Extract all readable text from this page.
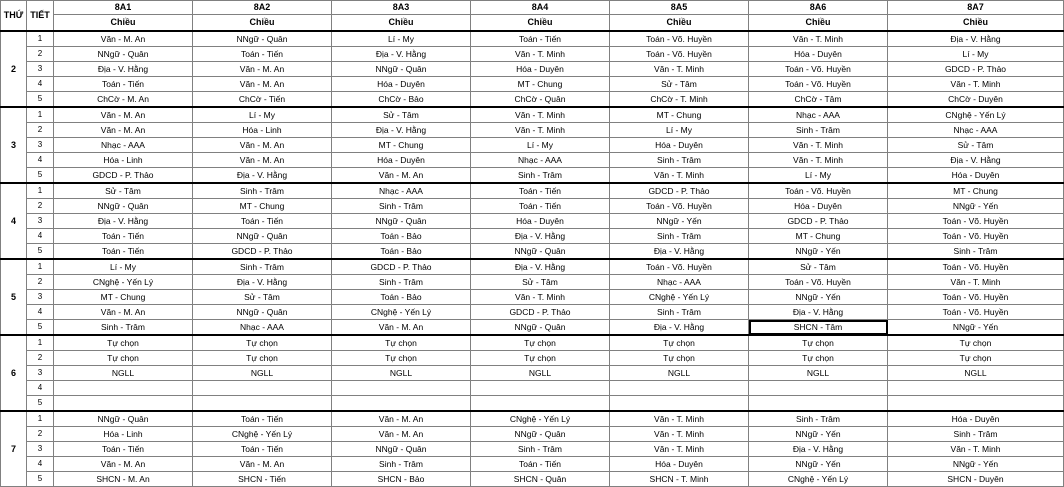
THỨ	TIẾT	8A1	8A2	8A3	8A4	8A5	8A6	8A7
		Chiều	Chiều	Chiều	Chiều	Chiều	Chiều	Chiều
2	1	Văn - M. An	NNgữ - Quân	Lí - My	Toán - Tiến	Toán - Võ. Huyền	Văn - T. Minh	Địa - V. Hằng
	2	NNgữ - Quân	Toán - Tiến	Địa - V. Hằng	Văn - T. Minh	Toán - Võ. Huyền	Hóa - Duyên	Lí - My
	3	Địa - V. Hằng	Văn - M. An	NNgữ - Quân	Hóa - Duyên	Văn - T. Minh	Toán - Võ. Huyền	GDCD - P. Thảo
	4	Toán - Tiến	Văn - M. An	Hóa - Duyên	MT - Chung	Sử - Tâm	Toán - Võ. Huyền	Văn - T. Minh
	5	ChCờ - M. An	ChCờ - Tiến	ChCờ - Bảo	ChCờ - Quân	ChCờ - T. Minh	ChCờ - Tâm	ChCờ - Duyên
3	1	Văn - M. An	Lí - My	Sử - Tâm	Văn - T. Minh	MT - Chung	Nhạc - AAA	CNghệ - Yến Lý
	2	Văn - M. An	Hóa - Linh	Địa - V. Hằng	Văn - T. Minh	Lí - My	Sinh - Trâm	Nhạc - AAA
	3	Nhạc - AAA	Văn - M. An	MT - Chung	Lí - My	Hóa - Duyên	Văn - T. Minh	Sử - Tâm
	4	Hóa - Linh	Văn - M. An	Hóa - Duyên	Nhạc - AAA	Sinh - Trâm	Văn - T. Minh	Địa - V. Hằng
	5	GDCD - P. Thảo	Địa - V. Hằng	Văn - M. An	Sinh - Trâm	Văn - T. Minh	Lí - My	Hóa - Duyên
4	1	Sử - Tâm	Sinh - Trâm	Nhạc - AAA	Toán - Tiến	GDCD - P. Thảo	Toán - Võ. Huyền	MT - Chung
	2	NNgữ - Quân	MT - Chung	Sinh - Trâm	Toán - Tiến	Toán - Võ. Huyền	Hóa - Duyên	NNgữ - Yến
	3	Địa - V. Hằng	Toán - Tiến	NNgữ - Quân	Hóa - Duyên	NNgữ - Yến	GDCD - P. Thảo	Toán - Võ. Huyền
	4	Toán - Tiến	NNgữ - Quân	Toán - Bảo	Địa - V. Hằng	Sinh - Trâm	MT - Chung	Toán - Võ. Huyền
	5	Toán - Tiến	GDCD - P. Thảo	Toán - Bảo	NNgữ - Quân	Địa - V. Hằng	NNgữ - Yến	Sinh - Trâm
5	1	Lí - My	Sinh - Trâm	GDCD - P. Thảo	Địa - V. Hằng	Toán - Võ. Huyền	Sử - Tâm	Toán - Võ. Huyền
	2	CNghệ - Yến Lý	Địa - V. Hằng	Sinh - Trâm	Sử - Tâm	Nhạc - AAA	Toán - Võ. Huyền	Văn - T. Minh
	3	MT - Chung	Sử - Tâm	Toán - Bảo	Văn - T. Minh	CNghệ - Yến Lý	NNgữ - Yến	Toán - Võ. Huyền
	4	Văn - M. An	NNgữ - Quân	CNghệ - Yến Lý	GDCD - P. Thảo	Sinh - Trâm	Địa - V. Hằng	Toán - Võ. Huyền
	5	Sinh - Trâm	Nhạc - AAA	Văn - M. An	NNgữ - Quân	Địa - V. Hằng	SHCN - Tâm	NNgữ - Yến
6	1	Tự chọn	Tự chọn	Tự chọn	Tự chọn	Tự chọn	Tự chọn	Tự chọn
	2	Tự chọn	Tự chọn	Tự chọn	Tự chọn	Tự chọn	Tự chọn	Tự chọn
	3	NGLL	NGLL	NGLL	NGLL	NGLL	NGLL	NGLL
	4							
	5							
7	1	NNgữ - Quân	Toán - Tiến	Văn - M. An	CNghệ - Yến Lý	Văn - T. Minh	Sinh - Trâm	Hóa - Duyên
	2	Hóa - Linh	CNghệ - Yến Lý	Văn - M. An	NNgữ - Quân	Văn - T. Minh	NNgữ - Yến	Sinh - Trâm
	3	Toán - Tiến	Toán - Tiến	NNgữ - Quân	Sinh - Trâm	Văn - T. Minh	Địa - V. Hằng	Văn - T. Minh
	4	Văn - M. An	Văn - M. An	Sinh - Trâm	Toán - Tiến	Hóa - Duyên	NNgữ - Yến	NNgữ - Yến
	5	SHCN - M. An	SHCN - Tiến	SHCN - Bảo	SHCN - Quân	SHCN - T. Minh	CNghệ - Yến Lý	SHCN - Duyên
